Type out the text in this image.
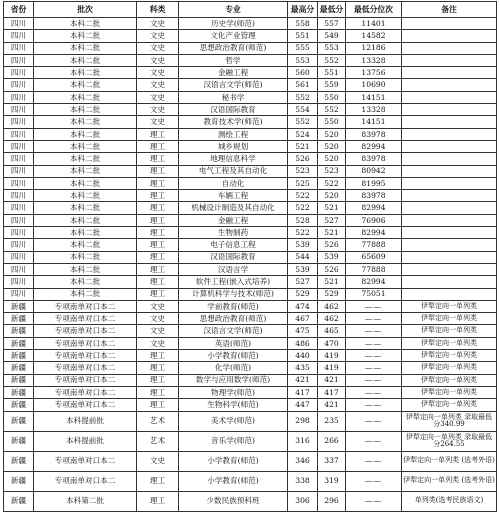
省份	批次	科类	专业	最高分	最低分	最低分位次	备注
四川	本科二批	文史	历史学(师范)	558	557	11401	
四川	本科二批	文史	文化产业管理	551	549	14582	
四川	本科二批	文史	思想政治教育(师范)	555	553	12186	
四川	本科二批	文史	哲学	553	552	13328	
四川	本科二批	文史	金融工程	560	551	13756	
四川	本科二批	文史	汉语言文学(师范)	561	559	10690	
四川	本科二批	文史	秘书学	552	550	14151	
四川	本科二批	文史	汉语国际教育	554	552	13328	
四川	本科二批	文史	教育技术学(师范)	552	550	14151	
四川	本科二批	理工	测绘工程	524	520	83978	
四川	本科二批	理工	城乡规划	521	520	82994	
四川	本科二批	理工	地理信息科学	526	520	83978	
四川	本科二批	理工	电气工程及其自动化	523	523	80942	
四川	本科二批	理工	自动化	525	522	81995	
四川	本科二批	理工	车辆工程	522	520	83978	
四川	本科二批	理工	机械设计制造及其自动化	522	521	82994	
四川	本科二批	理工	金融工程	528	527	76906	
四川	本科二批	理工	生物制药	522	521	82994	
四川	本科二批	理工	电子信息工程	539	526	77888	
四川	本科二批	理工	汉语国际教育	544	539	65609	
四川	本科二批	理工	汉语言学	539	526	77888	
四川	本科二批	理工	软件工程(嵌入式培养)	527	521	82994	
四川	本科二批	理工	计算机科学与技术(师范)	529	529	75051	
新疆	专项南单对口本二	文史	学前教育(师范)	474	462	——	伊犁定向一单列类
新疆	专项南单对口本二	文史	思想政治教育(师范)	467	462	——	伊犁定向一单列类
新疆	专项南单对口本二	文史	汉语言文学(师范)	475	465	——	伊犁定向一单列类
新疆	专项南单对口本二	文史	英语(师范)	486	470	——	伊犁定向一单列类
新疆	专项南单对口本二	理工	小学教育(师范)	440	419	——	伊犁定向一单列类
新疆	专项南单对口本二	理工	化学(师范)	435	419	——	伊犁定向一单列类
新疆	专项南单对口本二	理工	数学与应用数学(师范)	421	421	——	伊犁定向一单列类
新疆	专项南单对口本二	理工	物理学(师范)	417	417	——	伊犁定向一单列类
新疆	专项南单对口本二	理工	生物科学(师范)	447	421	——	伊犁定向一单列类
新疆	本科提前批	艺术	美术学(师范)	298	235	——	伊犁定向一单列类 录取最低分340.99
新疆	本科提前批	艺术	音乐学(师范)	316	266	——	伊犁定向一单列类 录取最低分264.55
新疆	专项南单对口本二	文史	小学教育(师范)	346	337	——	伊犁定向一单列类 (选考外语)
新疆	专项南单对口本二	理工	小学教育(师范)	338	319	——	伊犁定向一单列类 (选考外语)
新疆	本科第二批	理工	少数民族预科班	306	296	——	单列类(选考民族语文)
